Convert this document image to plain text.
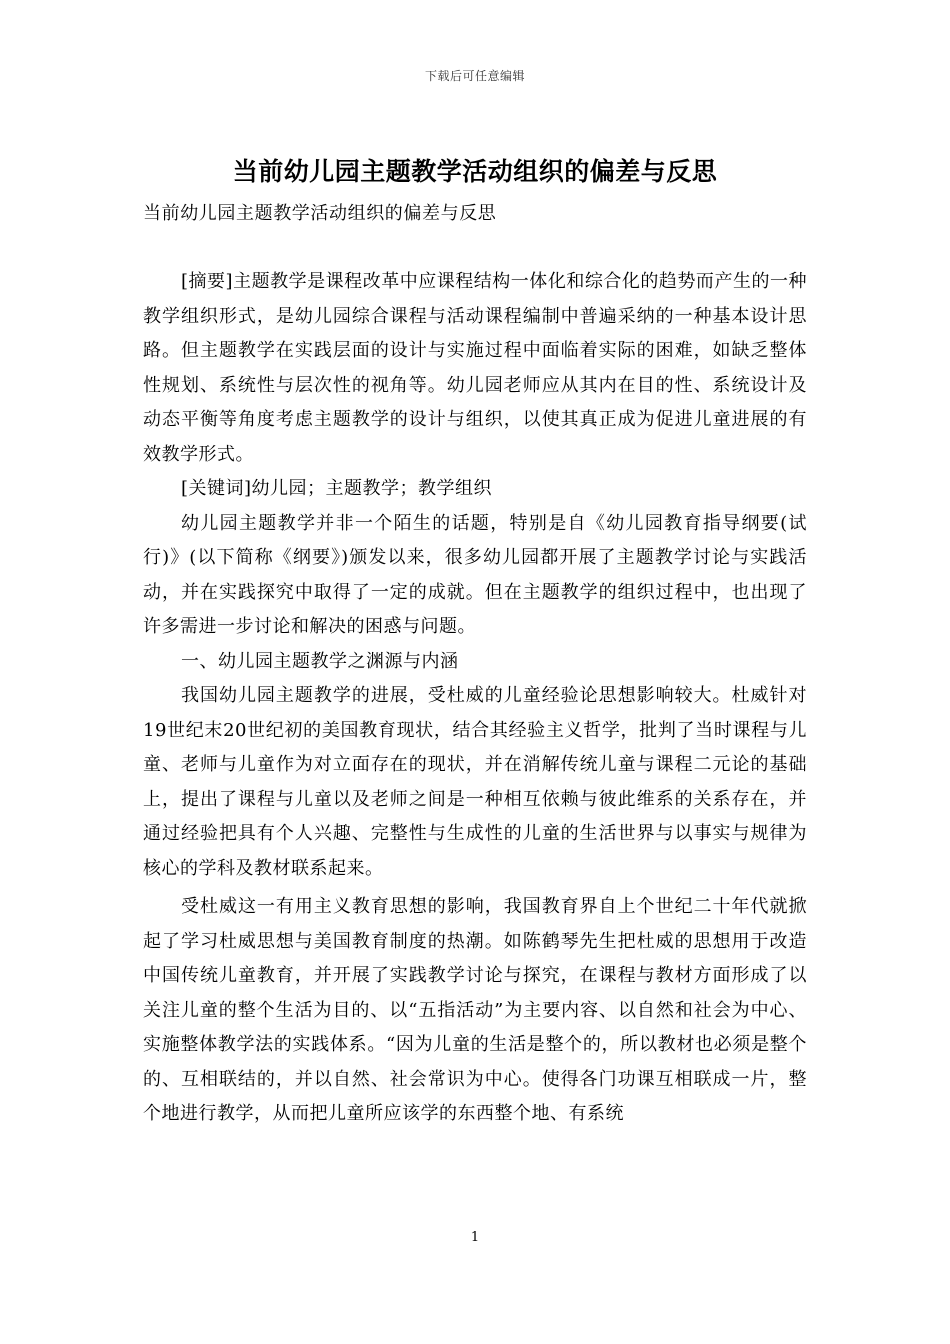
下载后可任意编辑
当前幼儿园主题教学活动组织的偏差与反思
当前幼儿园主题教学活动组织的偏差与反思

[摘要]主题教学是课程改革中应课程结构一体化和综合化的趋势而产生的一种教学组织形式，是幼儿园综合课程与活动课程编制中普遍采纳的一种基本设计思路。但主题教学在实践层面的设计与实施过程中面临着实际的困难，如缺乏整体性规划、系统性与层次性的视角等。幼儿园老师应从其内在目的性、系统设计及动态平衡等角度考虑主题教学的设计与组织，以使其真正成为促进儿童进展的有效教学形式。

[关键词]幼儿园；主题教学；教学组织

幼儿园主题教学并非一个陌生的话题，特别是自《幼儿园教育指导纲要(试行)》(以下简称《纲要》)颁发以来，很多幼儿园都开展了主题教学讨论与实践活动，并在实践探究中取得了一定的成就。但在主题教学的组织过程中，也出现了许多需进一步讨论和解决的困惑与问题。

一、幼儿园主题教学之渊源与内涵

我国幼儿园主题教学的进展，受杜威的儿童经验论思想影响较大。杜威针对19世纪末20世纪初的美国教育现状，结合其经验主义哲学，批判了当时课程与儿童、老师与儿童作为对立面存在的现状，并在消解传统儿童与课程二元论的基础上，提出了课程与儿童以及老师之间是一种相互依赖与彼此维系的关系存在，并通过经验把具有个人兴趣、完整性与生成性的儿童的生活世界与以事实与规律为核心的学科及教材联系起来。

受杜威这一有用主义教育思想的影响，我国教育界自上个世纪二十年代就掀起了学习杜威思想与美国教育制度的热潮。如陈鹤琴先生把杜威的思想用于改造中国传统儿童教育，并开展了实践教学讨论与探究，在课程与教材方面形成了以关注儿童的整个生活为目的、以“五指活动”为主要内容、以自然和社会为中心、实施整体教学法的实践体系。“因为儿童的生活是整个的，所以教材也必须是整个的、互相联结的，并以自然、社会常识为中心。使得各门功课互相联成一片，整个地进行教学，从而把儿童所应该学的东西整个地、有系统

1
